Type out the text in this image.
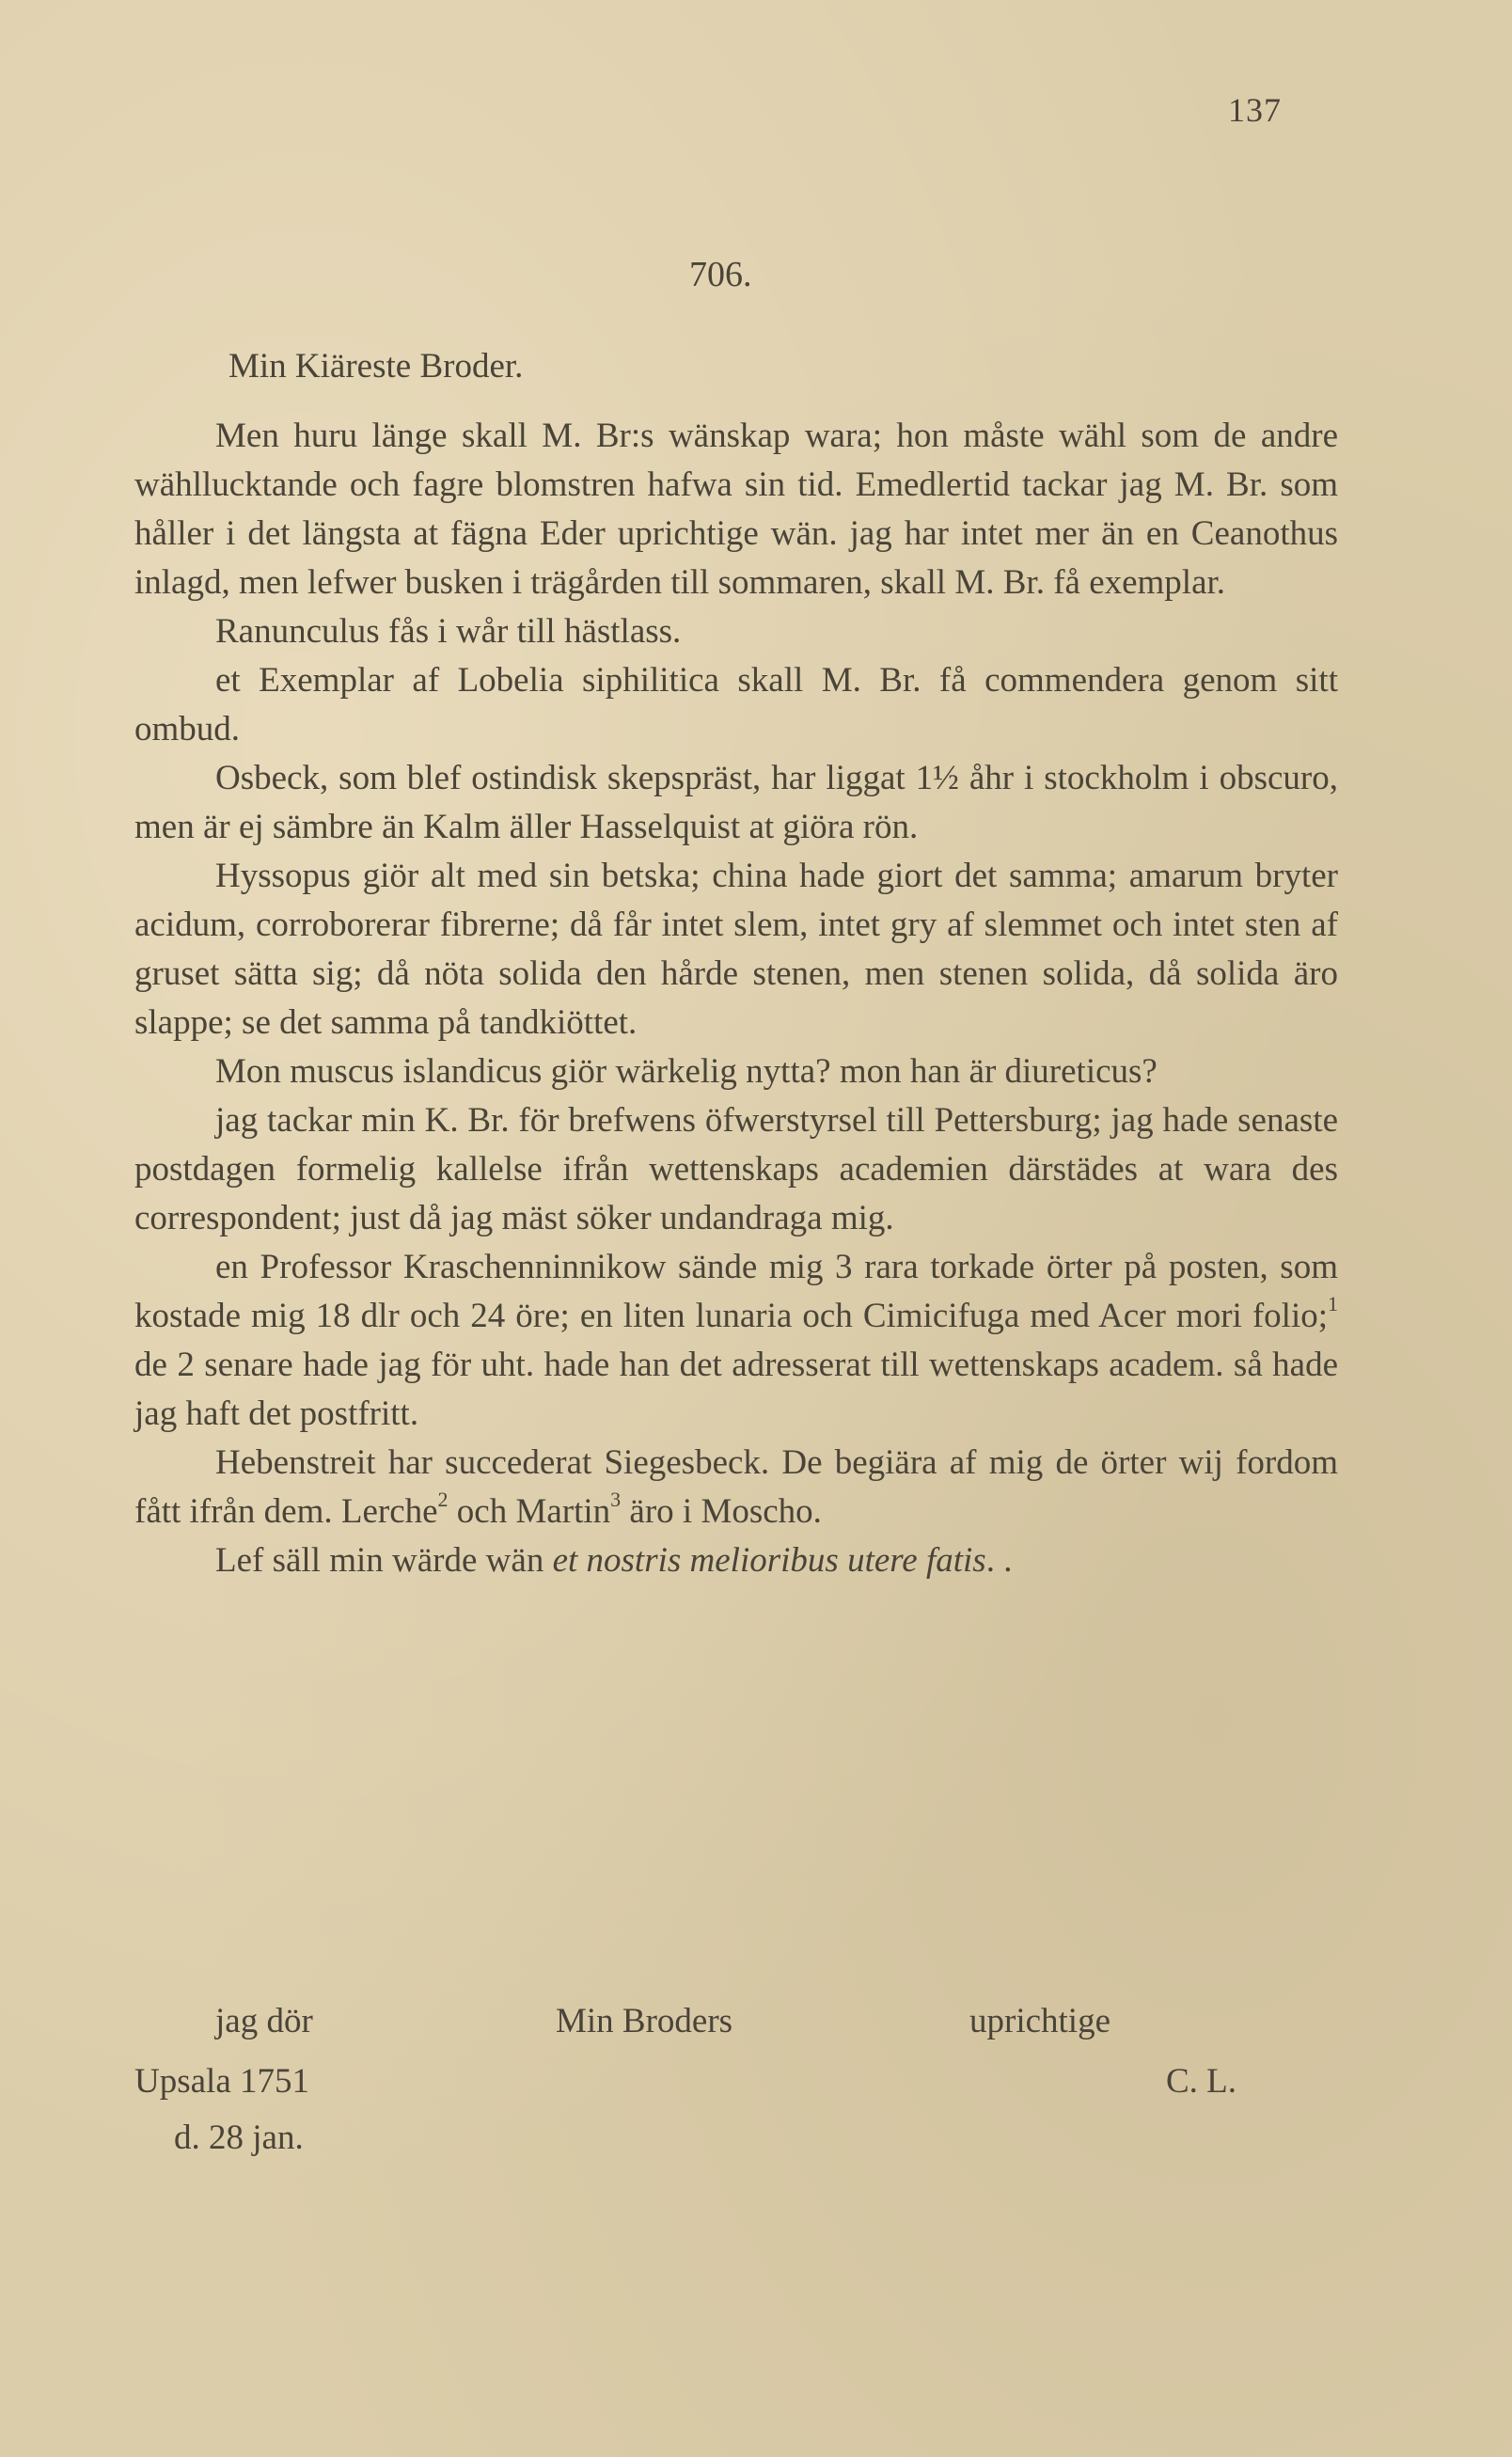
137
706.
Min Kiäreste Broder.

Men huru länge skall M. Br:s wänskap wara; hon måste wähl som de andre wähllucktande och fagre blomstren hafwa sin tid. Emedlertid tackar jag M. Br. som håller i det längsta at fägna Eder uprichtige wän. jag har intet mer än en Ceanothus inlagd, men lefwer busken i trägården till sommaren, skall M. Br. få exemplar.

Ranunculus fås i wår till hästlass.

et Exemplar af Lobelia siphilitica skall M. Br. få commendera genom sitt ombud.

Osbeck, som blef ostindisk skepspräst, har liggat 1½ åhr i stockholm i obscuro, men är ej sämbre än Kalm äller Hasselquist at giöra rön.

Hyssopus giör alt med sin betska; china hade giort det samma; amarum bryter acidum, corroborerar fibrerne; då får intet slem, intet gry af slemmet och intet sten af gruset sätta sig; då nöta solida den hårde stenen, men stenen solida, då solida äro slappe; se det samma på tandkiöttet.

Mon muscus islandicus giör wärkelig nytta? mon han är diureticus?

jag tackar min K. Br. för brefwens öfwerstyrsel till Pettersburg; jag hade senaste postdagen formelig kallelse ifrån wettenskaps academien därstädes at wara des correspondent; just då jag mäst söker undandraga mig.

en Professor Kraschenninnikow sände mig 3 rara torkade örter på posten, som kostade mig 18 dlr och 24 öre; en liten lunaria och Cimicifuga med Acer mori folio;$^1$ de 2 senare hade jag för uht. hade han det adresserat till wettenskaps academ. så hade jag haft det postfritt.

Hebenstreit har succederat Siegesbeck. De begiära af mig de örter wij fordom fått ifrån dem. Lerche$^2$ och Martin$^3$ äro i Moscho.

Lef säll min wärde wän et nostris melioribus utere fatis. .

jag dör	Min Broders	uprichtige
Upsala 1751	C. L.
d. 28 jan.
